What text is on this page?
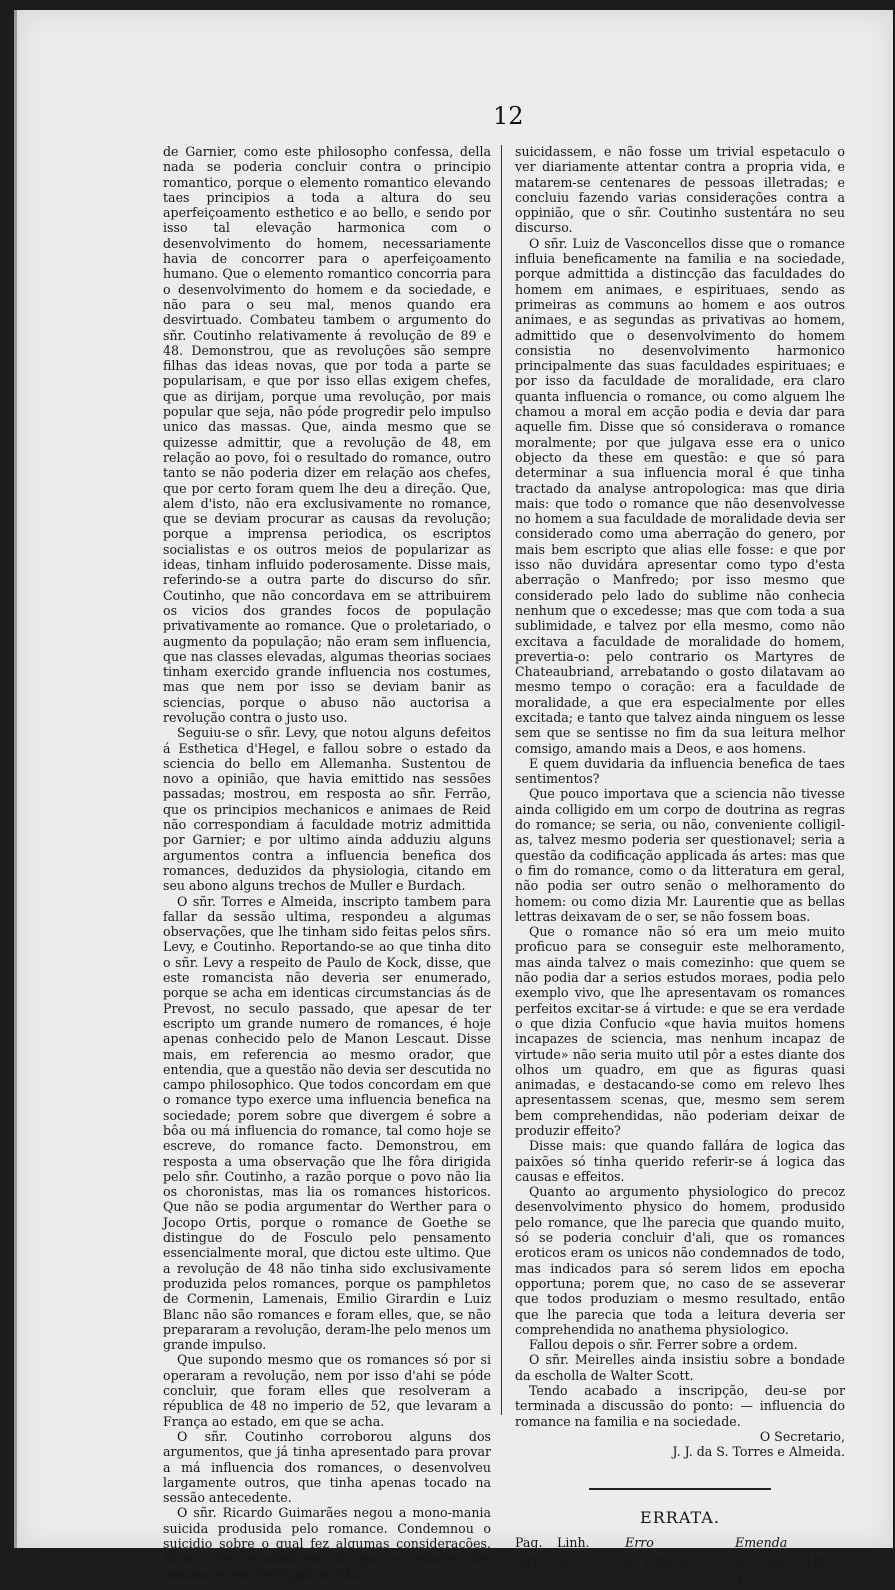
12

de Garnier, como este philosopho confessa, della nada se poderia concluir contra o principio romantico, porque o elemento romantico elevando taes principios a toda a altura do seu aperfeiçoamento esthetico e ao bello, e sendo por isso tal elevação harmonica com o desenvolvimento do homem, necessariamente havia de concorrer para o aperfeiçoamento humano. Que o elemento romantico concorria para o desenvolvimento do homem e da sociedade, e não para o seu mal, menos quando era desvirtuado. Combateu tambem o argumento do sñr. Coutinho relativamente á revolução de 89 e 48. Demonstrou, que as revoluções são sempre filhas das ideas novas, que por toda a parte se popularisam, e que por isso ellas exigem chefes, que as dirijam, porque uma revolução, por mais popular que seja, não póde progredir pelo impulso unico das massas. Que, ainda mesmo que se quizesse admittir, que a revolução de 48, em relação ao povo, foi o resultado do romance, outro tanto se não poderia dizer em relação aos chefes, que por certo foram quem lhe deu a direção. Que, alem d'isto, não era exclusivamente no romance, que se deviam procurar as causas da revolução; porque a imprensa periodica, os escriptos socialistas e os outros meios de popularizar as ideas, tinham influido poderosamente. Disse mais, referindo-se a outra parte do discurso do sñr. Coutinho, que não concordava em se attribuirem os vicios dos grandes focos de população privativamente ao romance. Que o proletariado, o augmento da população; não eram sem influencia, que nas classes elevadas, algumas theorias sociaes tinham exercido grande influencia nos costumes, mas que nem por isso se deviam banir as sciencias, porque o abuso não auctorisa a revolução contra o justo uso.

Seguiu-se o sñr. Levy, que notou alguns defeitos á Esthetica d'Hegel, e fallou sobre o estado da sciencia do bello em Allemanha. Sustentou de novo a opinião, que havia emittido nas sessões passadas; mostrou, em resposta ao sñr. Ferrão, que os principios mechanicos e animaes de Reid não correspondiam á faculdade motriz admittida por Garnier; e por ultimo ainda adduziu alguns argumentos contra a influencia benefica dos romances, deduzidos da physiologia, citando em seu abono alguns trechos de Muller e Burdach.

O sñr. Torres e Almeida, inscripto tambem para fallar da sessão ultima, respondeu a algumas observações, que lhe tinham sido feitas pelos sñrs. Levy, e Coutinho. Reportando-se ao que tinha dito o sñr. Levy a respeito de Paulo de Kock, disse, que este romancista não deveria ser enumerado, porque se acha em identicas circumstancias ás de Prevost, no seculo passado, que apesar de ter escripto um grande numero de romances, é hoje apenas conhecido pelo de Manon Lescaut. Disse mais, em referencia ao mesmo orador, que entendia, que a questão não devia ser descutida no campo philosophico. Que todos concordam em que o romance typo exerce uma influencia benefica na sociedade; porem sobre que divergem é sobre a bôa ou má influencia do romance, tal como hoje se escreve, do romance facto. Demonstrou, em resposta a uma observação que lhe fôra dirigida pelo sñr. Coutinho, a razão porque o povo não lia os choronistas, mas lia os romances historicos. Que não se podia argumentar do Werther para o Jocopo Ortis, porque o romance de Goethe se distingue do de Fosculo pelo pensamento essencialmente moral, que dictou este ultimo. Que a revolução de 48 não tinha sido exclusivamente produzida pelos romances, porque os pamphletos de Cormenin, Lamenais, Emilio Girardin e Luiz Blanc não são romances e foram elles, que, se não prepararam a revolução, deram-lhe pelo menos um grande impulso.

Que supondo mesmo que os romances só por si operaram a revolução, nem por isso d'ahi se póde concluir, que foram elles que resolveram a républica de 48 no imperio de 52, que levaram a França ao estado, em que se acha.

O sñr. Coutinho corroborou alguns dos argumentos, que já tinha apresentado para provar a má influencia dos romances, o desenvolveu largamente outros, que tinha apenas tocado na sessão antecedente.

O sñr. Ricardo Guimarães negou a mono-mania suicida produsida pelo romance. Condemnou o suicidio sobre o qual fez algumas considerações. Disse, que se admirava de que os leitores dos romances, em Portugal, se não

suicidassem, e não fosse um trivial espetaculo o ver diariamente attentar contra a propria vida, e matarem-se centenares de pessoas illetradas; e concluiu fazendo varias considerações contra a oppinião, que o sñr. Coutinho sustentára no seu discurso.

O sñr. Luiz de Vasconcellos disse que o romance influia beneficamente na familia e na sociedade, porque admittida a distincção das faculdades do homem em animaes, e espirituaes, sendo as primeiras as communs ao homem e aos outros animaes, e as segundas as privativas ao homem, admittido que o desenvolvimento do homem consistia no desenvolvimento harmonico principalmente das suas faculdades espirituaes; e por isso da faculdade de moralidade, era claro quanta influencia o romance, ou como alguem lhe chamou a moral em acção podia e devia dar para aquelle fim. Disse que só considerava o romance moralmente; por que julgava esse era o unico objecto da these em questão: e que só para determinar a sua influencia moral é que tinha tractado da analyse antropologica: mas que diria mais: que todo o romance que não desenvolvesse no homem a sua faculdade de moralidade devia ser considerado como uma aberração do genero, por mais bem escripto que alias elle fosse: e que por isso não duvidára apresentar como typo d'esta aberração o Manfredo; por isso mesmo que considerado pelo lado do sublime não conhecia nenhum que o excedesse; mas que com toda a sua sublimidade, e talvez por ella mesmo, como não excitava a faculdade de moralidade do homem, prevertia-o: pelo contrario os Martyres de Chateaubriand, arrebatando o gosto dilatavam ao mesmo tempo o coração: era a faculdade de moralidade, a que era especialmente por elles excitada; e tanto que talvez ainda ninguem os lesse sem que se sentisse no fim da sua leitura melhor comsigo, amando mais a Deos, e aos homens.

E quem duvidaria da influencia benefica de taes sentimentos?

Que pouco importava que a sciencia não tivesse ainda colligido em um corpo de doutrina as regras do romance; se seria, ou não, conveniente colligil-as, talvez mesmo poderia ser questionavel; seria a questão da codificação applicada ás artes: mas que o fim do romance, como o da litteratura em geral, não podia ser outro senão o melhoramento do homem: ou como dizia Mr. Laurentie que as bellas lettras deixavam de o ser, se não fossem boas.

Que o romance não só era um meio muito proficuo para se conseguir este melhoramento, mas ainda talvez o mais comezinho: que quem se não podia dar a serios estudos moraes, podia pelo exemplo vivo, que lhe apresentavam os romances perfeitos excitar-se á virtude: e que se era verdade o que dizia Confucio «que havia muitos homens incapazes de sciencia, mas nenhum incapaz de virtude» não seria muito util pôr a estes diante dos olhos um quadro, em que as figuras quasi animadas, e destacando-se como em relevo lhes apresentassem scenas, que, mesmo sem serem bem comprehendidas, não poderiam deixar de produzir effeito?

Disse mais: que quando fallára de logica das paixões só tinha querido referir-se á logica das causas e effeitos.

Quanto ao argumento physiologico do precoz desenvolvimento physico do homem, produsido pelo romance, que lhe parecia que quando muito, só se poderia concluir d'ali, que os romances eroticos eram os unicos não condemnados de todo, mas indicados para só serem lidos em epocha opportuna; porem que, no caso de se asseverar que todos produziam o mesmo resultado, então que lhe parecia que toda a leitura deveria ser comprehendida no anathema physiologico.

Fallou depois o sñr. Ferrer sobre a ordem.

O sñr. Meirelles ainda insistiu sobre a bondade da escholla de Walter Scott.

Tendo acabado a inscripção, deu-se por terminada a discussão do ponto: — influencia do romance na familia e na sociedade.

O Secretario,

J. J. da S. Torres e Almeida.

ERRATA.
Pag.	Linh.	Erro	Emenda
301	ult.	6'' (180°+☉)	6'' sen (180°+☉)
